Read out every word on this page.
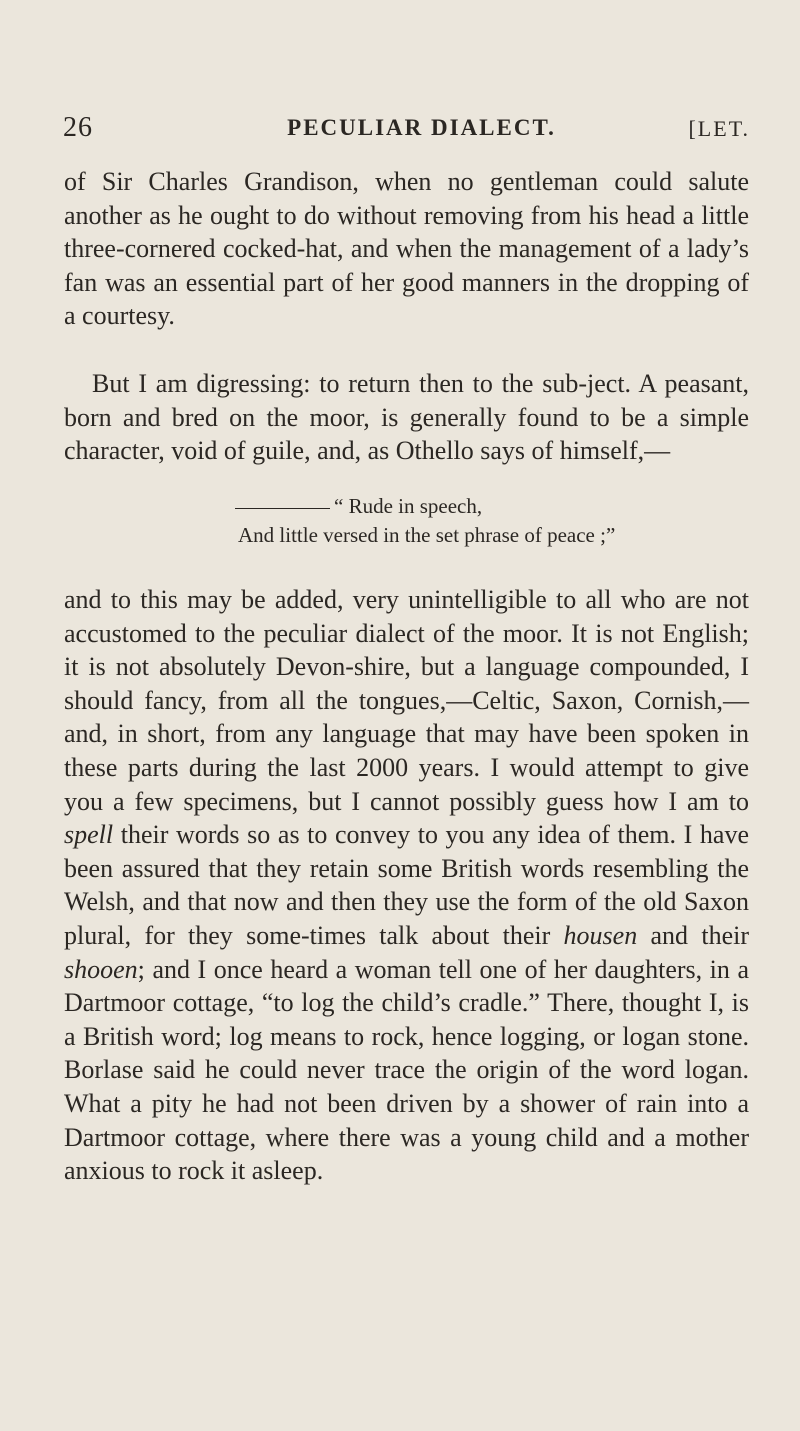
26	PECULIAR DIALECT.	[LET.

of Sir Charles Grandison, when no gentleman could salute another as he ought to do without removing from his head a little three-cornered cocked-hat, and when the management of a lady’s fan was an essential part of her good manners in the dropping of a courtesy.

But I am digressing: to return then to the sub-ject. A peasant, born and bred on the moor, is generally found to be a simple character, void of guile, and, as Othello says of himself,—

“ Rude in speech,
And little versed in the set phrase of peace ;”

and to this may be added, very unintelligible to all who are not accustomed to the peculiar dialect of the moor. It is not English; it is not absolutely Devon-shire, but a language compounded, I should fancy, from all the tongues,—Celtic, Saxon, Cornish,—and, in short, from any language that may have been spoken in these parts during the last 2000 years. I would attempt to give you a few specimens, but I cannot possibly guess how I am to spell their words so as to convey to you any idea of them. I have been assured that they retain some British words resembling the Welsh, and that now and then they use the form of the old Saxon plural, for they some-times talk about their housen and their shooen; and I once heard a woman tell one of her daughters, in a Dartmoor cottage, “to log the child’s cradle.” There, thought I, is a British word; log means to rock, hence logging, or logan stone. Borlase said he could never trace the origin of the word logan. What a pity he had not been driven by a shower of rain into a Dartmoor cottage, where there was a young child and a mother anxious to rock it asleep.
